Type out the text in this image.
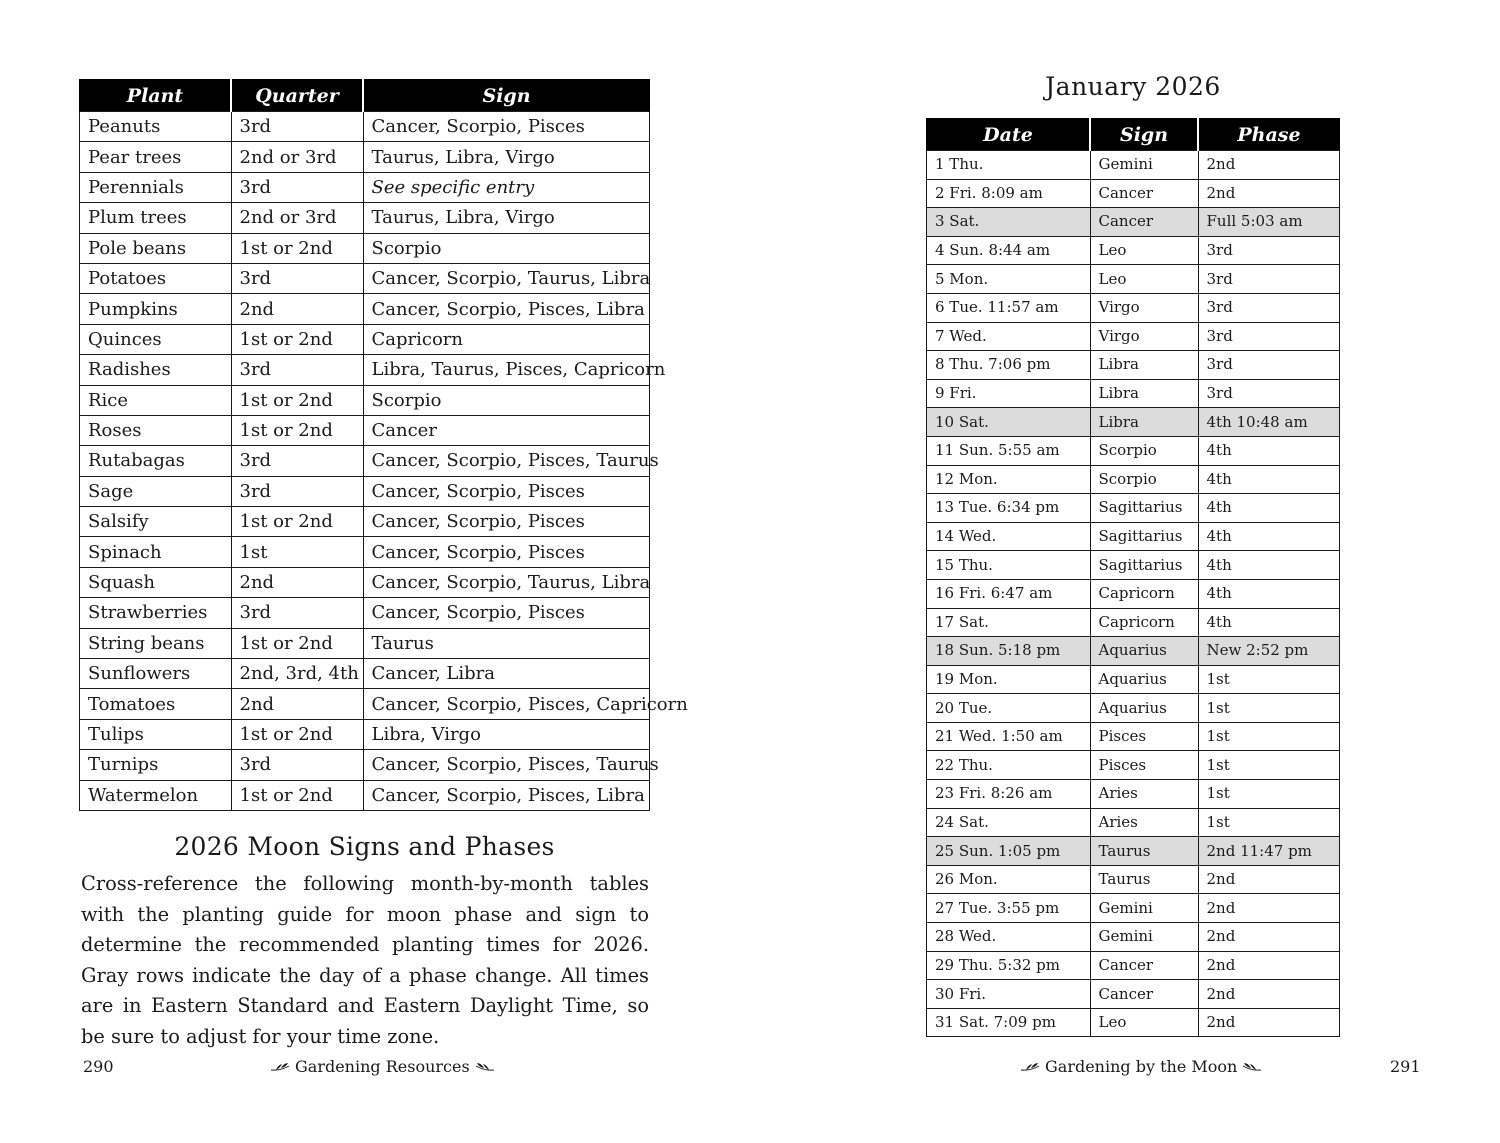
Plant	Quarter	Sign
Peanuts	3rd	Cancer, Scorpio, Pisces
Pear trees	2nd or 3rd	Taurus, Libra, Virgo
Perennials	3rd	See specific entry
Plum trees	2nd or 3rd	Taurus, Libra, Virgo
Pole beans	1st or 2nd	Scorpio
Potatoes	3rd	Cancer, Scorpio, Taurus, Libra
Pumpkins	2nd	Cancer, Scorpio, Pisces, Libra
Quinces	1st or 2nd	Capricorn
Radishes	3rd	Libra, Taurus, Pisces, Capricorn
Rice	1st or 2nd	Scorpio
Roses	1st or 2nd	Cancer
Rutabagas	3rd	Cancer, Scorpio, Pisces, Taurus
Sage	3rd	Cancer, Scorpio, Pisces
Salsify	1st or 2nd	Cancer, Scorpio, Pisces
Spinach	1st	Cancer, Scorpio, Pisces
Squash	2nd	Cancer, Scorpio, Taurus, Libra
Strawberries	3rd	Cancer, Scorpio, Pisces
String beans	1st or 2nd	Taurus
Sunflowers	2nd, 3rd, 4th	Cancer, Libra
Tomatoes	2nd	Cancer, Scorpio, Pisces, Capricorn
Tulips	1st or 2nd	Libra, Virgo
Turnips	3rd	Cancer, Scorpio, Pisces, Taurus
Watermelon	1st or 2nd	Cancer, Scorpio, Pisces, Libra
2026 Moon Signs and Phases

Cross-reference the following month-by-month tables with the planting guide for moon phase and sign to determine the recommended planting times for 2026. Gray rows indicate the day of a phase change. All times are in Eastern Standard and Eastern Daylight Time, so be sure to adjust for your time zone.

290	Gardening Resources
January 2026
Date	Sign	Phase
1 Thu.	Gemini	2nd
2 Fri. 8:09 am	Cancer	2nd
3 Sat.	Cancer	Full 5:03 am
4 Sun. 8:44 am	Leo	3rd
5 Mon.	Leo	3rd
6 Tue. 11:57 am	Virgo	3rd
7 Wed.	Virgo	3rd
8 Thu. 7:06 pm	Libra	3rd
9 Fri.	Libra	3rd
10 Sat.	Libra	4th 10:48 am
11 Sun. 5:55 am	Scorpio	4th
12 Mon.	Scorpio	4th
13 Tue. 6:34 pm	Sagittarius	4th
14 Wed.	Sagittarius	4th
15 Thu.	Sagittarius	4th
16 Fri. 6:47 am	Capricorn	4th
17 Sat.	Capricorn	4th
18 Sun. 5:18 pm	Aquarius	New 2:52 pm
19 Mon.	Aquarius	1st
20 Tue.	Aquarius	1st
21 Wed. 1:50 am	Pisces	1st
22 Thu.	Pisces	1st
23 Fri. 8:26 am	Aries	1st
24 Sat.	Aries	1st
25 Sun. 1:05 pm	Taurus	2nd 11:47 pm
26 Mon.	Taurus	2nd
27 Tue. 3:55 pm	Gemini	2nd
28 Wed.	Gemini	2nd
29 Thu. 5:32 pm	Cancer	2nd
30 Fri.	Cancer	2nd
31 Sat. 7:09 pm	Leo	2nd
Gardening by the Moon	291
